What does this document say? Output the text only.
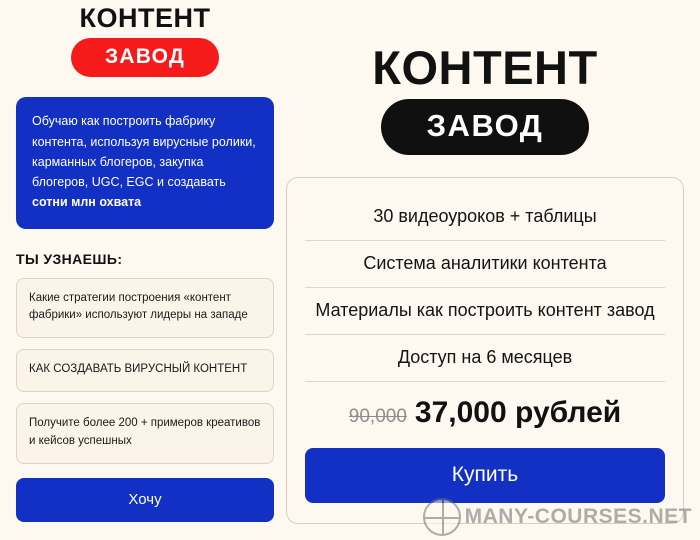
КОНТЕНТ
ЗАВОД
Обучаю как построить фабрику контента, используя вирусные ролики, карманных блогеров, закупка блогеров, UGC, EGC и создавать сотни млн охвата
ТЫ УЗНАЕШЬ:
Какие стратегии построения «контент фабрики» используют лидеры на западе
КАК СОЗДАВАТЬ ВИРУСНЫЙ КОНТЕНТ
Получите более 200 + примеров креативов и кейсов успешных
Хочу
КОНТЕНТ
ЗАВОД
30 видеоуроков + таблицы
Система аналитики контента
Материалы как построить контент завод
Доступ на 6 месяцев
90,000 37,000 рублей
Купить
MANY-COURSES.NET
